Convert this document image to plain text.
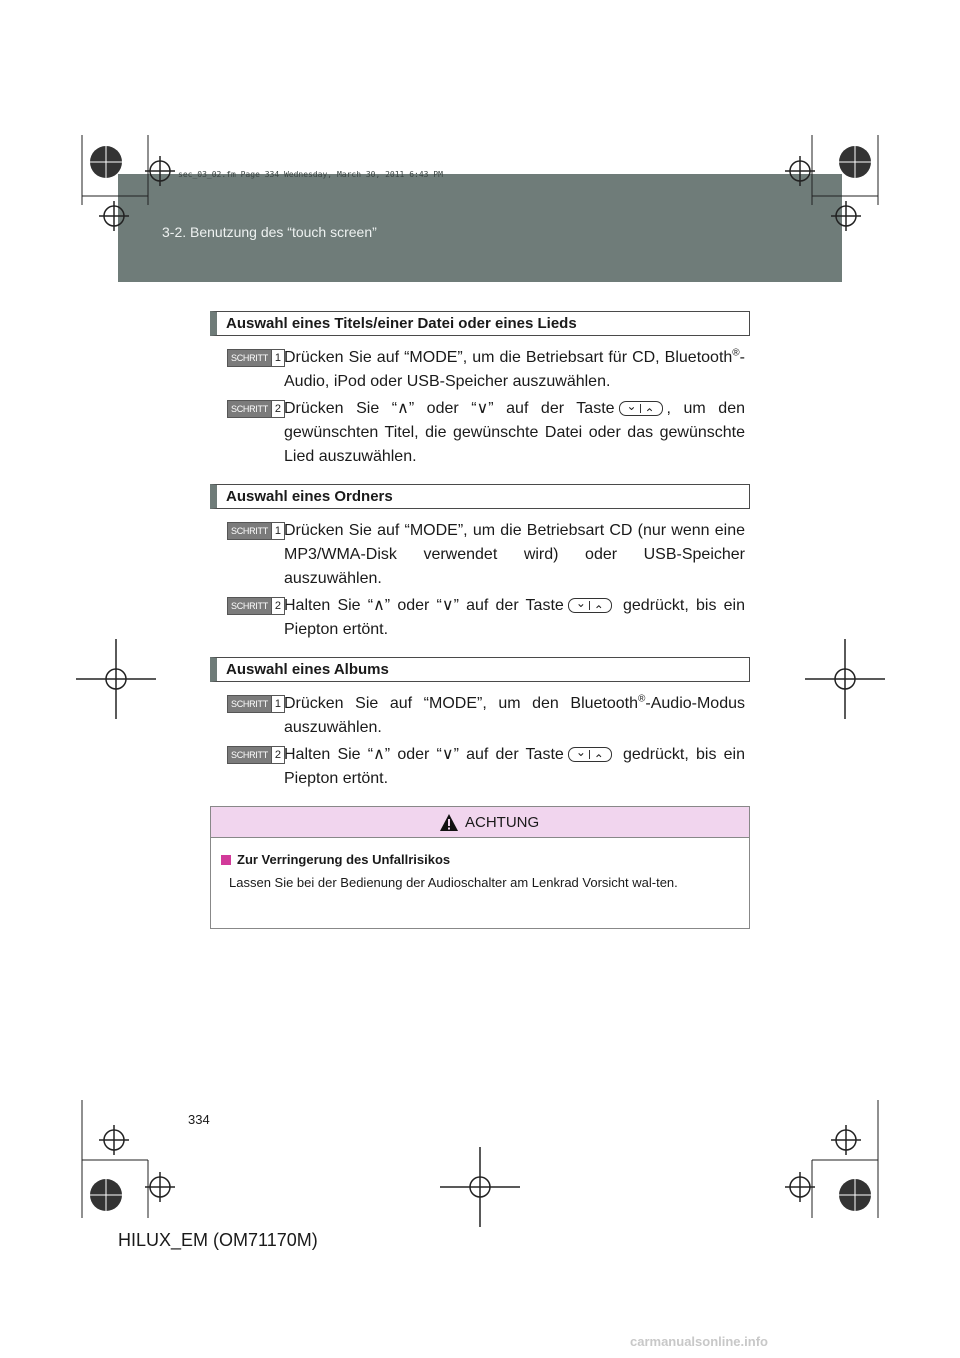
sec_03_02.fm Page 334 Wednesday, March 30, 2011 6:43 PM
3-2. Benutzung des “touch screen”
Auswahl eines Titels/einer Datei oder eines Lieds
SCHRITT 1 Drücken Sie auf “MODE”, um die Betriebsart für CD, Bluetooth®-Audio, iPod oder USB-Speicher auszuwählen.
SCHRITT 2 Drücken Sie “∧” oder “∨” auf der Taste ⌄
⌃	, um den gewünschten Titel, die gewünschte Datei oder das gewünschte Lied auszuwählen.
Auswahl eines Ordners
SCHRITT 1 Drücken Sie auf “MODE”, um die Betriebsart CD (nur wenn eine MP3/WMA-Disk verwendet wird) oder USB-Speicher auszuwählen.
SCHRITT 2 Halten Sie “∧” oder “∨” auf der Taste ⌄
⌃	gedrückt, bis ein Piepton ertönt.
Auswahl eines Albums
SCHRITT 1 Drücken Sie auf “MODE”, um den Bluetooth®-Audio-Modus auszuwählen.
SCHRITT 2 Halten Sie “∧” oder “∨” auf der Taste ⌄
⌃	gedrückt, bis ein Piepton ertönt.
ACHTUNG
Zur Verringerung des Unfallrisikos
Lassen Sie bei der Bedienung der Audioschalter am Lenkrad Vorsicht wal-ten.
334
HILUX_EM (OM71170M)
carmanualsonline.info
